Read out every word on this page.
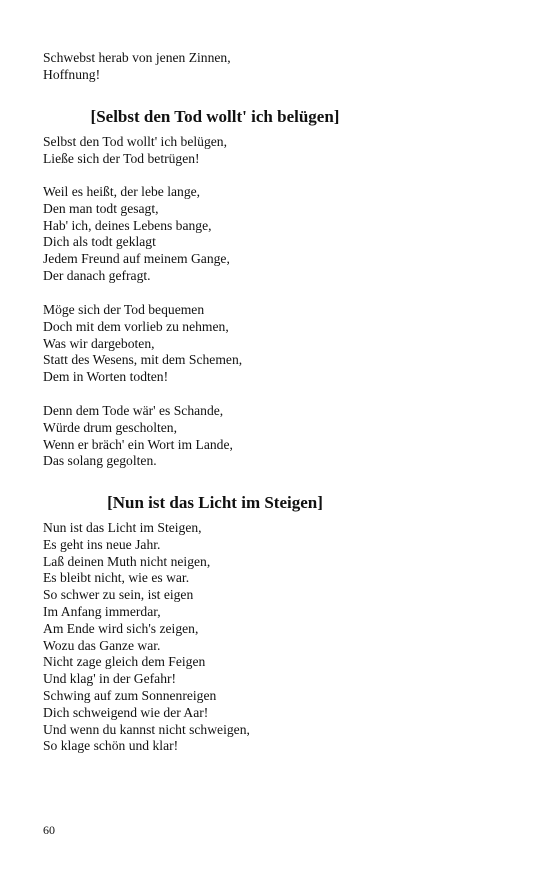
Schwebst herab von jenen Zinnen,
Hoffnung!
[Selbst den Tod wollt' ich belügen]
Selbst den Tod wollt' ich belügen,
Ließe sich der Tod betrügen!
Weil es heißt, der lebe lange,
Den man todt gesagt,
Hab' ich, deines Lebens bange,
Dich als todt geklagt
Jedem Freund auf meinem Gange,
Der danach gefragt.
Möge sich der Tod bequemen
Doch mit dem vorlieb zu nehmen,
Was wir dargeboten,
Statt des Wesens, mit dem Schemen,
Dem in Worten todten!
Denn dem Tode wär' es Schande,
Würde drum gescholten,
Wenn er bräch' ein Wort im Lande,
Das solang gegolten.
[Nun ist das Licht im Steigen]
Nun ist das Licht im Steigen,
Es geht ins neue Jahr.
Laß deinen Muth nicht neigen,
Es bleibt nicht, wie es war.
So schwer zu sein, ist eigen
Im Anfang immerdar,
Am Ende wird sich's zeigen,
Wozu das Ganze war.
Nicht zage gleich dem Feigen
Und klag' in der Gefahr!
Schwing auf zum Sonnenreigen
Dich schweigend wie der Aar!
Und wenn du kannst nicht schweigen,
So klage schön und klar!
60
